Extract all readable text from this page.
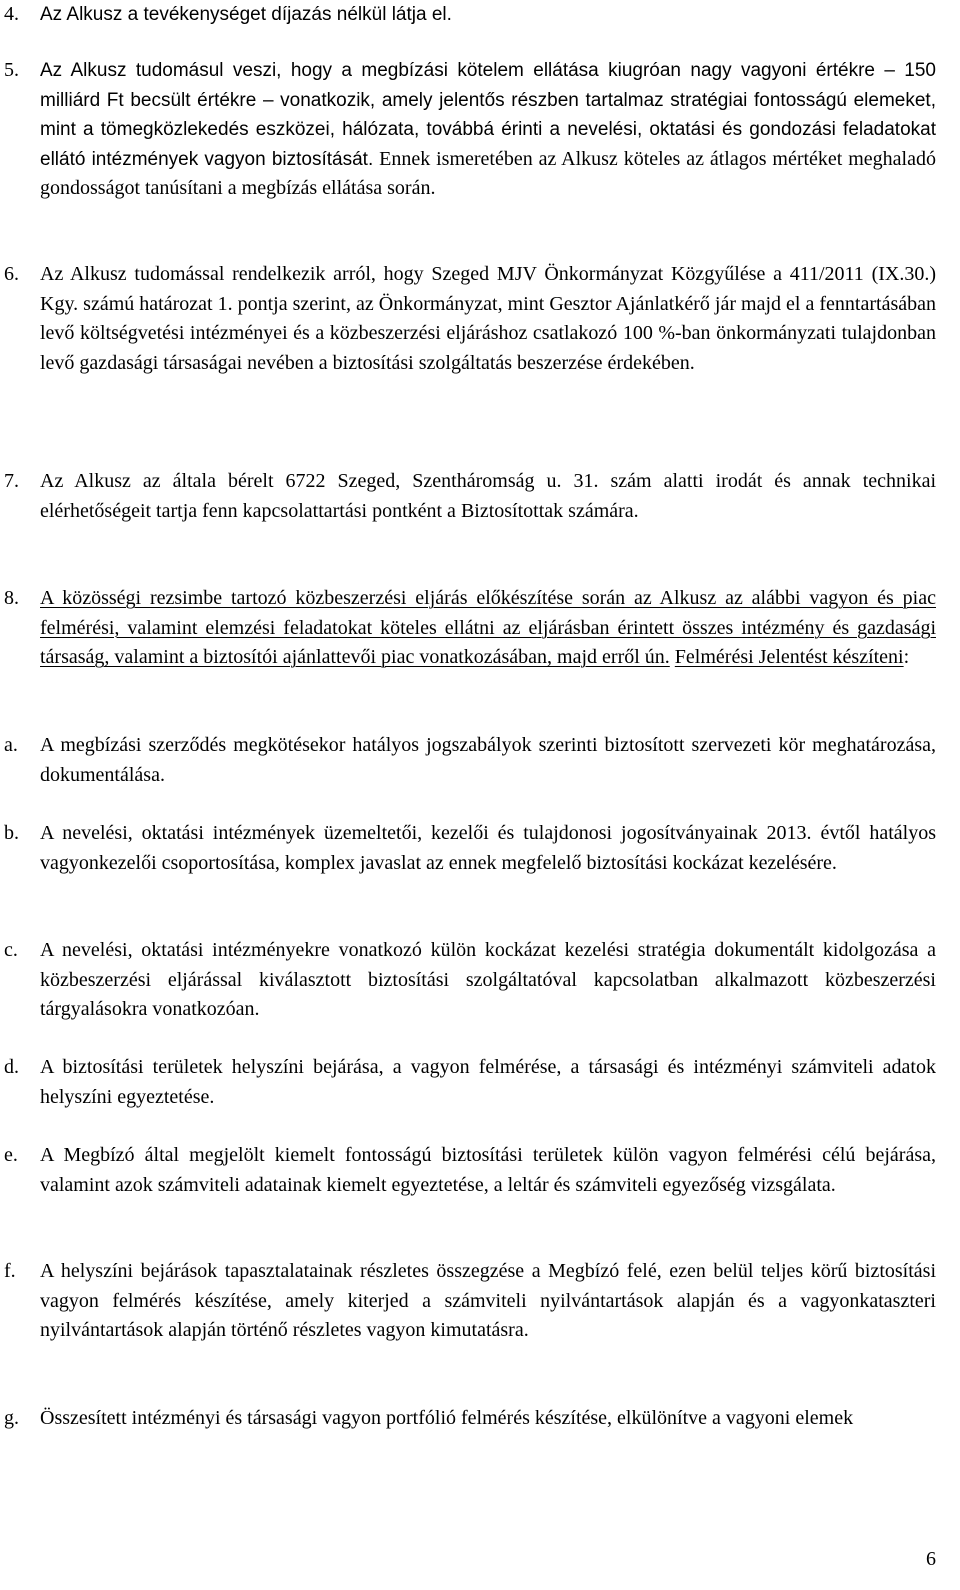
4. Az Alkusz a tevékenységet díjazás nélkül látja el.
5. Az Alkusz tudomásul veszi, hogy a megbízási kötelem ellátása kiugróan nagy vagyoni értékre – 150 milliárd Ft becsült értékre – vonatkozik, amely jelentős részben tartalmaz stratégiai fontosságú elemeket, mint a tömegközlekedés eszközei, hálózata, továbbá érinti a nevelési, oktatási és gondozási feladatokat ellátó intézmények vagyon biztosítását. Ennek ismeretében az Alkusz köteles az átlagos mértéket meghaladó gondosságot tanúsítani a megbízás ellátása során.
6. Az Alkusz tudomással rendelkezik arról, hogy Szeged MJV Önkormányzat Közgyűlése a 411/2011 (IX.30.) Kgy. számú határozat 1. pontja szerint, az Önkormányzat, mint Gesztor Ajánlatkérő jár majd el a fenntartásában levő költségvetési intézményei és a közbeszerzési eljáráshoz csatlakozó 100 %-ban önkormányzati tulajdonban levő gazdasági társaságai nevében a biztosítási szolgáltatás beszerzése érdekében.
7. Az Alkusz az általa bérelt 6722 Szeged, Szentháromság u. 31. szám alatti irodát és annak technikai elérhetőségeit tartja fenn kapcsolattartási pontként a Biztosítottak számára.
8. A közösségi rezsimbe tartozó közbeszerzési eljárás előkészítése során az Alkusz az alábbi vagyon és piac felmérési, valamint elemzési feladatokat köteles ellátni az eljárásban érintett összes intézmény és gazdasági társaság, valamint a biztosítói ajánlattevői piac vonatkozásában, majd erről ún. Felmérési Jelentést készíteni:
a. A megbízási szerződés megkötésekor hatályos jogszabályok szerinti biztosított szervezeti kör meghatározása, dokumentálása.
b. A nevelési, oktatási intézmények üzemeltetői, kezelői és tulajdonosi jogosítványainak 2013. évtől hatályos vagyonkezelői csoportosítása, komplex javaslat az ennek megfelelő biztosítási kockázat kezelésére.
c. A nevelési, oktatási intézményekre vonatkozó külön kockázat kezelési stratégia dokumentált kidolgozása a közbeszerzési eljárással kiválasztott biztosítási szolgáltatóval kapcsolatban alkalmazott közbeszerzési tárgyalásokra vonatkozóan.
d. A biztosítási területek helyszíni bejárása, a vagyon felmérése, a társasági és intézményi számviteli adatok helyszíni egyeztetése.
e. A Megbízó által megjelölt kiemelt fontosságú biztosítási területek külön vagyon felmérési célú bejárása, valamint azok számviteli adatainak kiemelt egyeztetése, a leltár és számviteli egyezőség vizsgálata.
f. A helyszíni bejárások tapasztalatainak részletes összegzése a Megbízó felé, ezen belül teljes körű biztosítási vagyon felmérés készítése, amely kiterjed a számviteli nyilvántartások alapján és a vagyonkataszteri nyilvántartások alapján történő részletes vagyon kimutatásra.
g. Összesített intézményi és társasági vagyon portfólió felmérés készítése, elkülönítve a vagyoni elemek
6
